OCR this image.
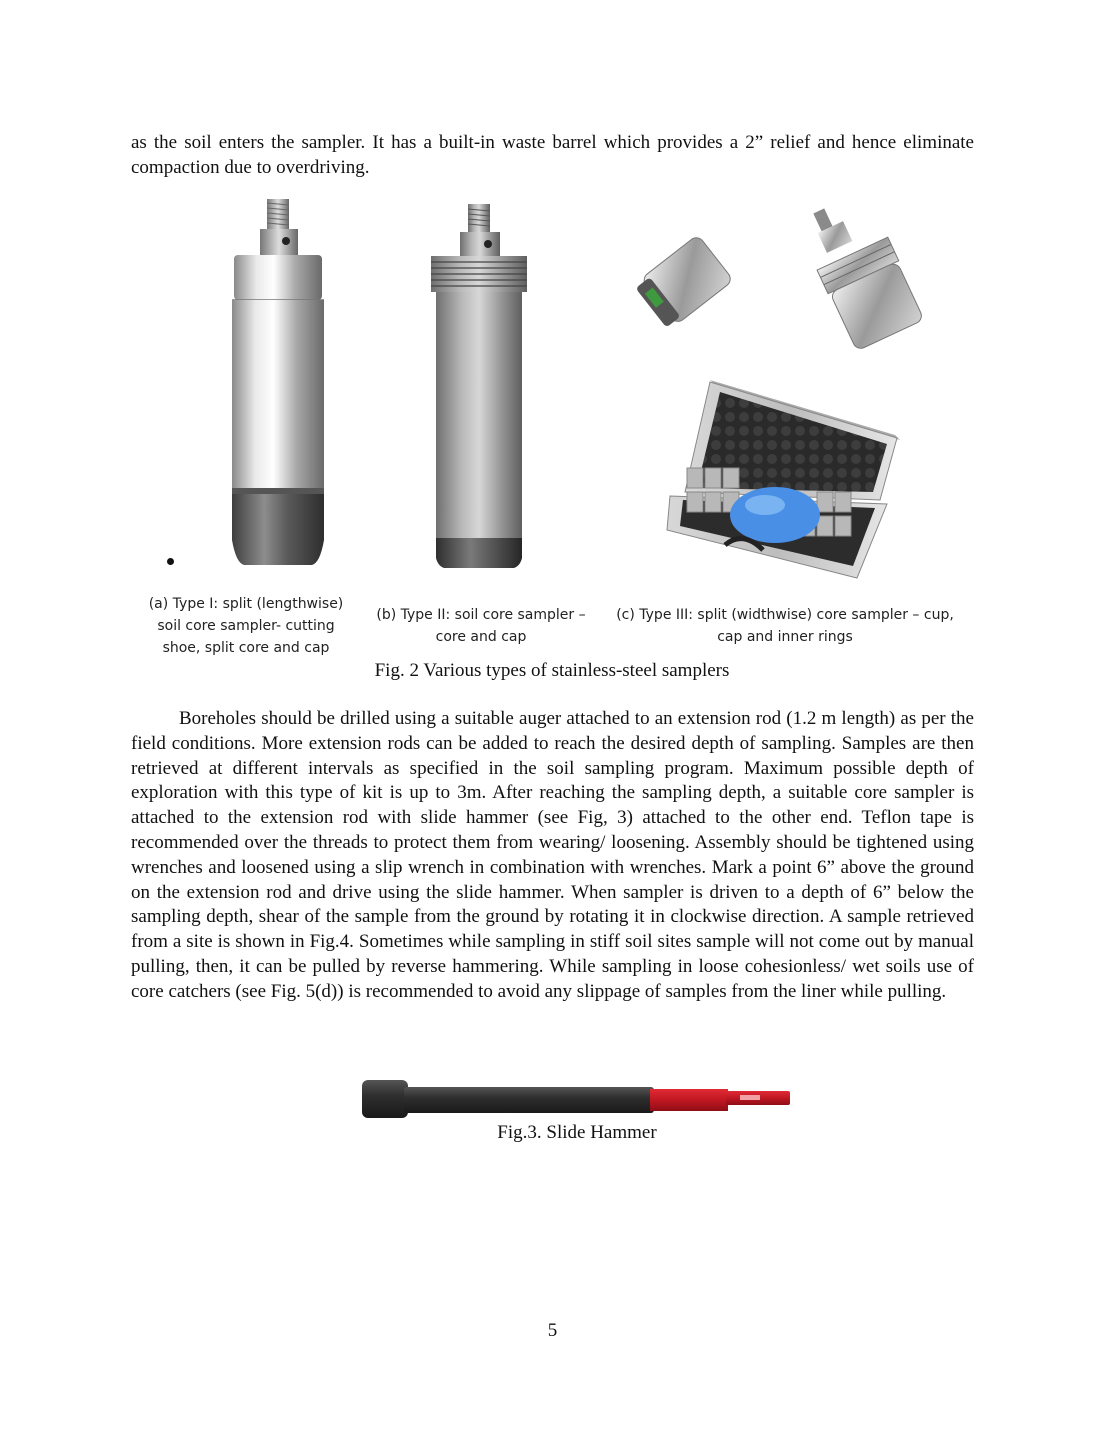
as the soil enters the sampler. It has a built-in waste barrel which provides a 2” relief and hence eliminate compaction due to overdriving.

(a) Type I: split (lengthwise) soil core sampler- cutting shoe, split core and cap
(b) Type II: soil core sampler – core and cap
(c) Type III: split (widthwise) core sampler – cup, cap and inner rings
Fig. 2 Various types of stainless-steel samplers

Boreholes should be drilled using a suitable auger attached to an extension rod (1.2 m length) as per the field conditions. More extension rods can be added to reach the desired depth of sampling. Samples are then retrieved at different intervals as specified in the soil sampling program. Maximum possible depth of exploration with this type of kit is up to 3m. After reaching the sampling depth, a suitable core sampler is attached to the extension rod with slide hammer (see Fig, 3) attached to the other end. Teflon tape is recommended over the threads to protect them from wearing/ loosening. Assembly should be tightened using wrenches and loosened using a slip wrench in combination with wrenches. Mark a point 6” above the ground on the extension rod and drive using the slide hammer. When sampler is driven to a depth of 6” below the sampling depth, shear of the sample from the ground by rotating it in clockwise direction. A sample retrieved from a site is shown in Fig.4. Sometimes while sampling in stiff soil sites sample will not come out by manual pulling, then, it can be pulled by reverse hammering. While sampling in loose cohesionless/ wet soils use of core catchers (see Fig. 5(d)) is recommended to avoid any slippage of samples from the liner while pulling.

Fig.3. Slide Hammer
5
